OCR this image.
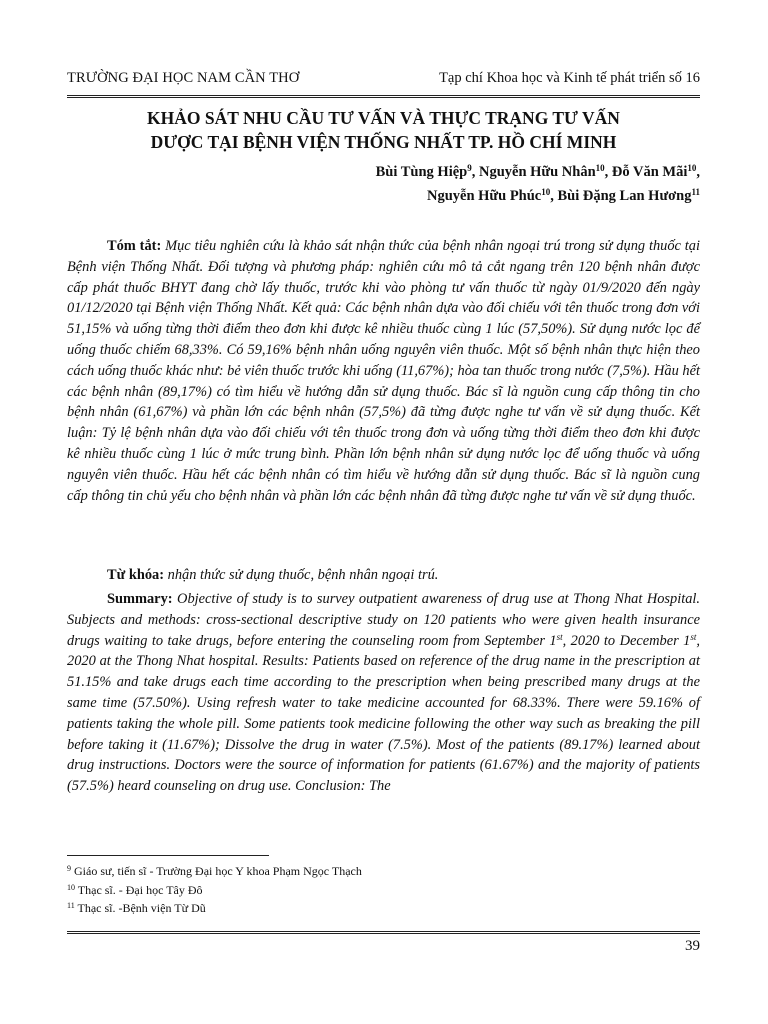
TRƯỜNG ĐẠI HỌC NAM CẦN THƠ	Tạp chí Khoa học và Kinh tế phát triển số 16
KHẢO SÁT NHU CẦU TƯ VẤN VÀ THỰC TRẠNG TƯ VẤN
DƯỢC TẠI BỆNH VIỆN THỐNG NHẤT TP. HỒ CHÍ MINH
Bùi Tùng Hiệp$^9$, Nguyễn Hữu Nhân$^{10}$, Đỗ Văn Mãi$^{10}$,
Nguyễn Hữu Phúc$^{10}$, Bùi Đặng Lan Hương$^{11}$

Tóm tắt: Mục tiêu nghiên cứu là khảo sát nhận thức của bệnh nhân ngoại trú trong sử dụng thuốc tại Bệnh viện Thống Nhất. Đối tượng và phương pháp: nghiên cứu mô tả cắt ngang trên 120 bệnh nhân được cấp phát thuốc BHYT đang chờ lấy thuốc, trước khi vào phòng tư vấn thuốc từ ngày 01/9/2020 đến ngày 01/12/2020 tại Bệnh viện Thống Nhất. Kết quả: Các bệnh nhân dựa vào đối chiếu với tên thuốc trong đơn với 51,15% và uống từng thời điểm theo đơn khi được kê nhiều thuốc cùng 1 lúc (57,50%). Sử dụng nước lọc để uống thuốc chiếm 68,33%. Có 59,16% bệnh nhân uống nguyên viên thuốc. Một số bệnh nhân thực hiện theo cách uống thuốc khác như: bẻ viên thuốc trước khi uống (11,67%); hòa tan thuốc trong nước (7,5%). Hầu hết các bệnh nhân (89,17%) có tìm hiểu về hướng dẫn sử dụng thuốc. Bác sĩ là nguồn cung cấp thông tin cho bệnh nhân (61,67%) và phần lớn các bệnh nhân (57,5%) đã từng được nghe tư vấn về sử dụng thuốc. Kết luận: Tỷ lệ bệnh nhân dựa vào đối chiếu với tên thuốc trong đơn và uống từng thời điểm theo đơn khi được kê nhiều thuốc cùng 1 lúc ở mức trung bình. Phần lớn bệnh nhân sử dụng nước lọc để uống thuốc và uống nguyên viên thuốc. Hầu hết các bệnh nhân có tìm hiểu về hướng dẫn sử dụng thuốc. Bác sĩ là nguồn cung cấp thông tin chủ yếu cho bệnh nhân và phần lớn các bệnh nhân đã từng được nghe tư vấn về sử dụng thuốc.

Từ khóa: nhận thức sử dụng thuốc, bệnh nhân ngoại trú.
Summary: Objective of study is to survey outpatient awareness of drug use at Thong Nhat Hospital. Subjects and methods: cross-sectional descriptive study on 120 patients who were given health insurance drugs waiting to take drugs, before entering the counseling room from September 1st, 2020 to December 1st, 2020 at the Thong Nhat hospital. Results: Patients based on reference of the drug name in the prescription at 51.15% and take drugs each time according to the prescription when being prescribed many drugs at the same time (57.50%). Using refresh water to take medicine accounted for 68.33%. There were 59.16% of patients taking the whole pill. Some patients took medicine following the other way such as breaking the pill before taking it (11.67%); Dissolve the drug in water (7.5%). Most of the patients (89.17%) learned about drug instructions. Doctors were the source of information for patients (61.67%) and the majority of patients (57.5%) heard counseling on drug use. Conclusion: The
$^9$ Giáo sư, tiến sĩ - Trường Đại học Y khoa Phạm Ngọc Thạch
$^{10}$ Thạc sĩ. - Đại học Tây Đô
$^{11}$ Thạc sĩ. -Bệnh viện Từ Dũ
39
